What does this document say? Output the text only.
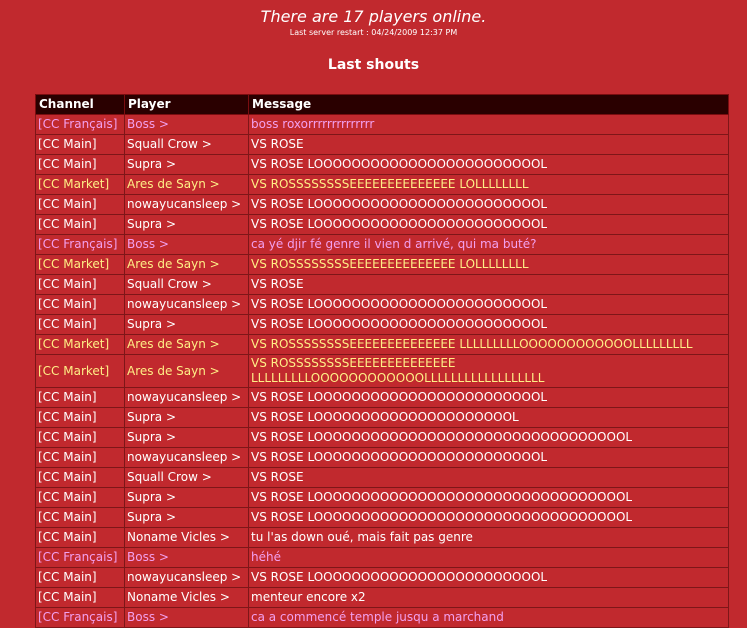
There are 17 players online.
Last server restart : 04/24/2009 12:37 PM
Last shouts
Channel	Player	Message
[CC Français]	Boss >	boss roxorrrrrrrrrrrrrr
[CC Main]	Squall Crow >	VS ROSE
[CC Main]	Supra >	VS ROSE LOOOOOOOOOOOOOOOOOOOOOOOOL
[CC Market]	Ares de Sayn >	VS ROSSSSSSSSEEEEEEEEEEEEEE LOLLLLLLLL
[CC Main]	nowayucansleep >	VS ROSE LOOOOOOOOOOOOOOOOOOOOOOOOL
[CC Main]	Supra >	VS ROSE LOOOOOOOOOOOOOOOOOOOOOOOOL
[CC Français]	Boss >	ca yé djir fé genre il vien d arrivé, qui ma buté?
[CC Market]	Ares de Sayn >	VS ROSSSSSSSSEEEEEEEEEEEEEE LOLLLLLLLL
[CC Main]	Squall Crow >	VS ROSE
[CC Main]	nowayucansleep >	VS ROSE LOOOOOOOOOOOOOOOOOOOOOOOOL
[CC Main]	Supra >	VS ROSE LOOOOOOOOOOOOOOOOOOOOOOOOL
[CC Market]	Ares de Sayn >	VS ROSSSSSSSSEEEEEEEEEEEEEE LLLLLLLLLOOOOOOOOOOOOLLLLLLLLL
[CC Market]	Ares de Sayn >	VS ROSSSSSSSSEEEEEEEEEEEEEE LLLLLLLLLOOOOOOOOOOOOLLLLLLLLLLLLLLLLLL
[CC Main]	nowayucansleep >	VS ROSE LOOOOOOOOOOOOOOOOOOOOOOOOL
[CC Main]	Supra >	VS ROSE LOOOOOOOOOOOOOOOOOOOOOL
[CC Main]	Supra >	VS ROSE LOOOOOOOOOOOOOOOOOOOOOOOOOOOOOOOOOL
[CC Main]	nowayucansleep >	VS ROSE LOOOOOOOOOOOOOOOOOOOOOOOOL
[CC Main]	Squall Crow >	VS ROSE
[CC Main]	Supra >	VS ROSE LOOOOOOOOOOOOOOOOOOOOOOOOOOOOOOOOOL
[CC Main]	Supra >	VS ROSE LOOOOOOOOOOOOOOOOOOOOOOOOOOOOOOOOOL
[CC Main]	Noname Vicles >	tu l'as down oué, mais fait pas genre
[CC Français]	Boss >	héhé
[CC Main]	nowayucansleep >	VS ROSE LOOOOOOOOOOOOOOOOOOOOOOOOL
[CC Main]	Noname Vicles >	menteur encore x2
[CC Français]	Boss >	ca a commencé temple jusqu a marchand
